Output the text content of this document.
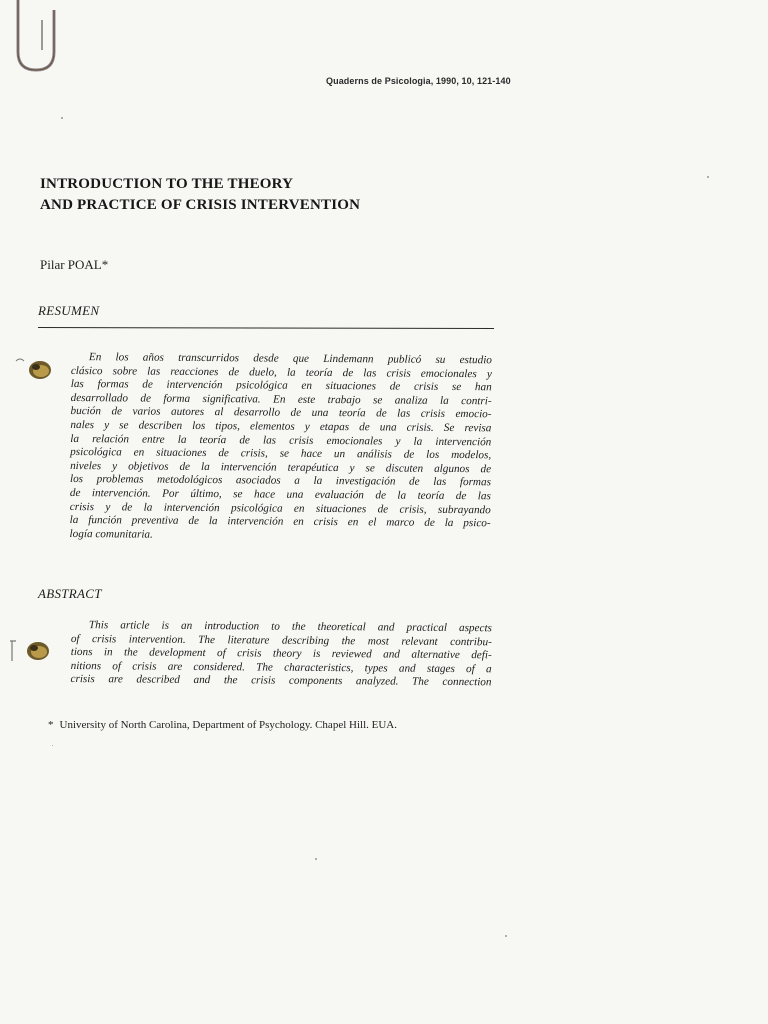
Quaderns de Psicologia, 1990, 10, 121-140
INTRODUCTION TO THE THEORY
AND PRACTICE OF CRISIS INTERVENTION
Pilar POAL*
RESUMEN
En los años transcurridos desde que Lindemann publicó su estudio
clásico sobre las reacciones de duelo, la teoría de las crisis emocionales y
las formas de intervención psicológica en situaciones de crisis se han
desarrollado de forma significativa. En este trabajo se analiza la contri-
bución de varios autores al desarrollo de una teoría de las crisis emocio-
nales y se describen los tipos, elementos y etapas de una crisis. Se revisa
la relación entre la teoría de las crisis emocionales y la intervención
psicológica en situaciones de crisis, se hace un análisis de los modelos,
niveles y objetivos de la intervención terapéutica y se discuten algunos de
los problemas metodológicos asociados a la investigación de las formas
de intervención. Por último, se hace una evaluación de la teoría de las
crisis y de la intervención psicológica en situaciones de crisis, subrayando
la función preventiva de la intervención en crisis en el marco de la psico-
logía comunitaria.
ABSTRACT
This article is an introduction to the theoretical and practical aspects
of crisis intervention. The literature describing the most relevant contribu-
tions in the development of crisis theory is reviewed and alternative defi-
nitions of crisis are considered. The characteristics, types and stages of a
crisis are described and the crisis components analyzed. The connection
* University of North Carolina, Department of Psychology. Chapel Hill. EUA.
